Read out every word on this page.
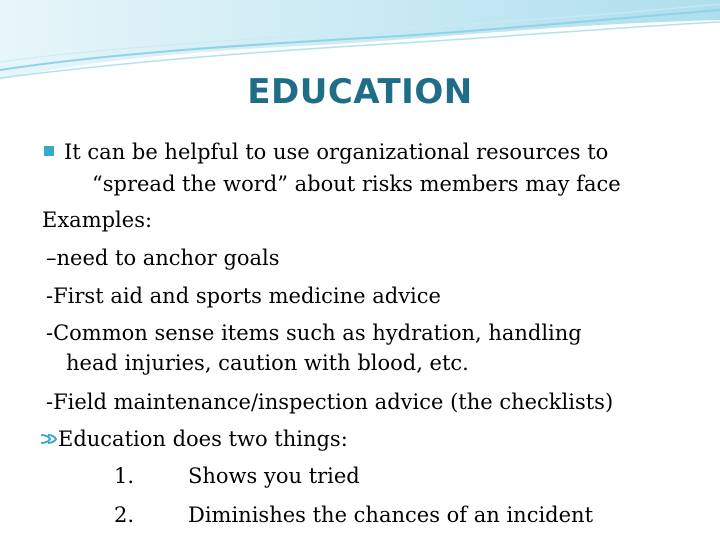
EDUCATION
It can be helpful to use organizational resources to
“spread the word” about risks members may face
Examples:
–need to anchor goals
-First aid and sports medicine advice
-Common sense items such as hydration, handling
head injuries, caution with blood, etc.
-Field maintenance/inspection advice (the checklists)
Education does two things:
1.	Shows you tried
2.	Diminishes the chances of an incident
